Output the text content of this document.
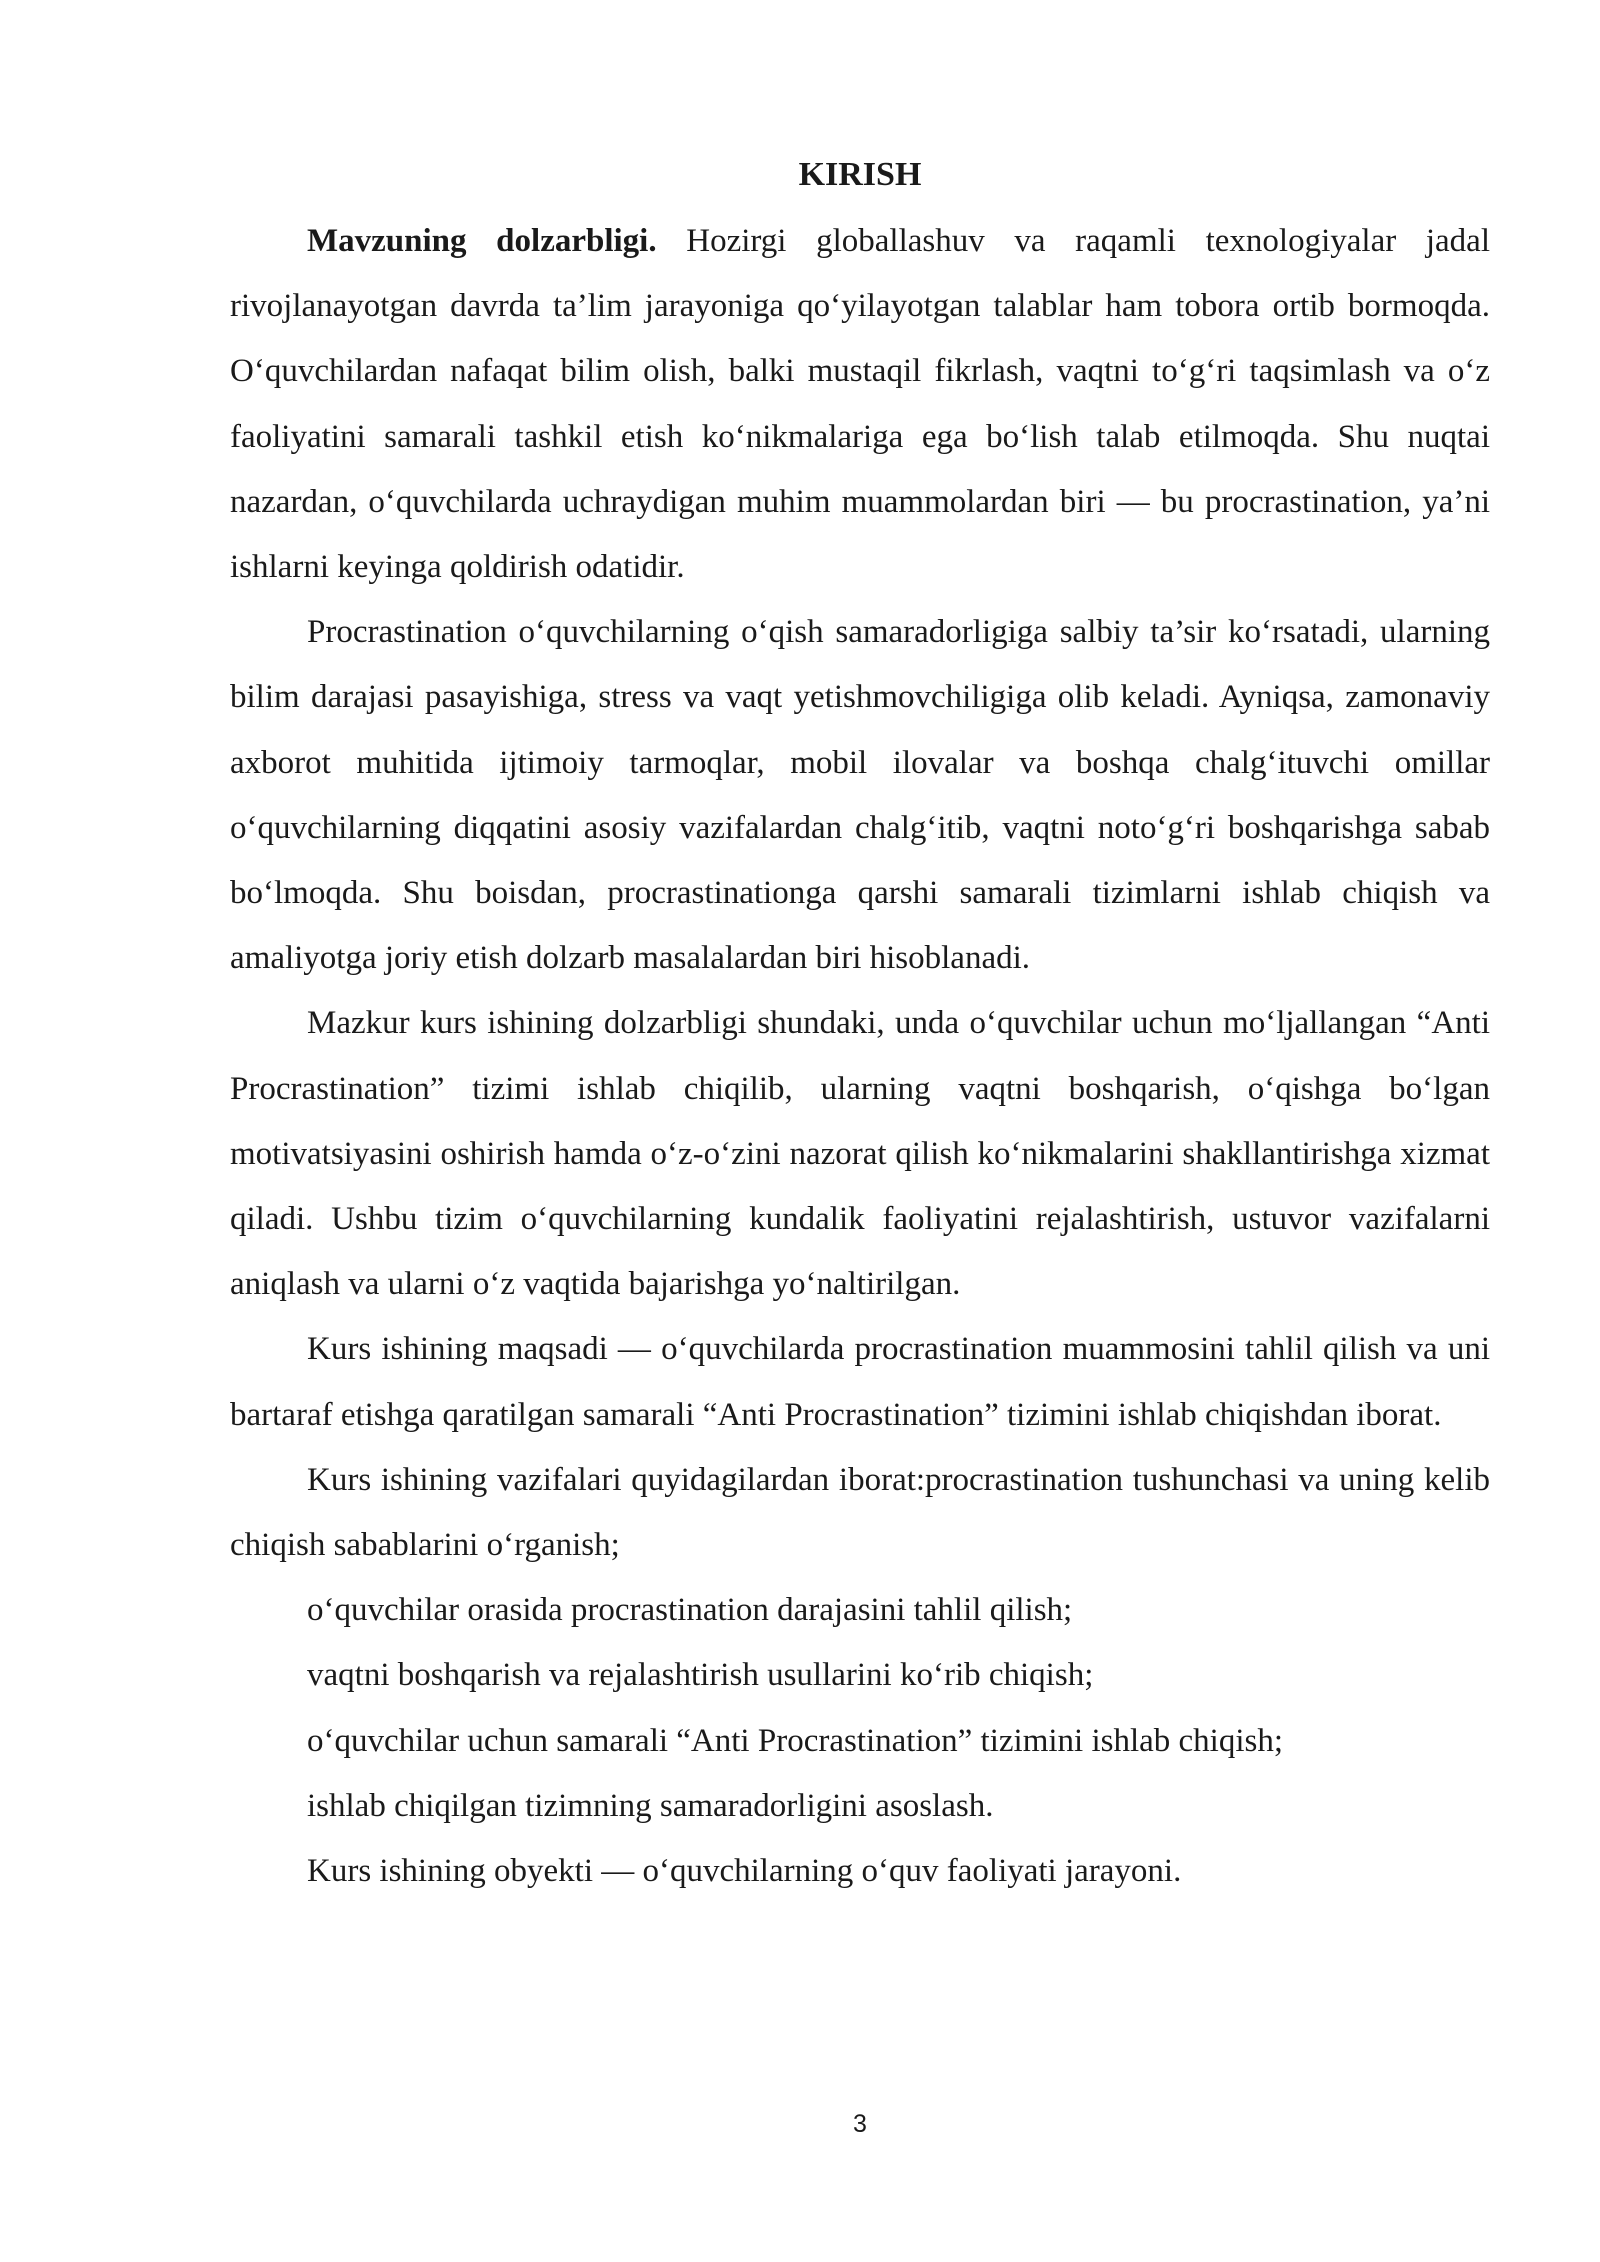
KIRISH

Mavzuning dolzarbligi. Hozirgi globallashuv va raqamli texnologiyalar jadal rivojlanayotgan davrda ta’lim jarayoniga qo‘yilayotgan talablar ham tobora ortib bormoqda. O‘quvchilardan nafaqat bilim olish, balki mustaqil fikrlash, vaqtni to‘g‘ri taqsimlash va o‘z faoliyatini samarali tashkil etish ko‘nikmalariga ega bo‘lish talab etilmoqda. Shu nuqtai nazardan, o‘quvchilarda uchraydigan muhim muammolardan biri — bu procrastination, ya’ni ishlarni keyinga qoldirish odatidir.

Procrastination o‘quvchilarning o‘qish samaradorligiga salbiy ta’sir ko‘rsatadi, ularning bilim darajasi pasayishiga, stress va vaqt yetishmovchiligiga olib keladi. Ayniqsa, zamonaviy axborot muhitida ijtimoiy tarmoqlar, mobil ilovalar va boshqa chalg‘ituvchi omillar o‘quvchilarning diqqatini asosiy vazifalardan chalg‘itib, vaqtni noto‘g‘ri boshqarishga sabab bo‘lmoqda. Shu boisdan, procrastinationga qarshi samarali tizimlarni ishlab chiqish va amaliyotga joriy etish dolzarb masalalardan biri hisoblanadi.

Mazkur kurs ishining dolzarbligi shundaki, unda o‘quvchilar uchun mo‘ljallangan “Anti Procrastination” tizimi ishlab chiqilib, ularning vaqtni boshqarish, o‘qishga bo‘lgan motivatsiyasini oshirish hamda o‘z-o‘zini nazorat qilish ko‘nikmalarini shakllantirishga xizmat qiladi. Ushbu tizim o‘quvchilarning kundalik faoliyatini rejalashtirish, ustuvor vazifalarni aniqlash va ularni o‘z vaqtida bajarishga yo‘naltirilgan.

Kurs ishining maqsadi — o‘quvchilarda procrastination muammosini tahlil qilish va uni bartaraf etishga qaratilgan samarali “Anti Procrastination” tizimini ishlab chiqishdan iborat.

Kurs ishining vazifalari quyidagilardan iborat:procrastination tushunchasi va uning kelib chiqish sabablarini o‘rganish;

o‘quvchilar orasida procrastination darajasini tahlil qilish;

vaqtni boshqarish va rejalashtirish usullarini ko‘rib chiqish;

o‘quvchilar uchun samarali “Anti Procrastination” tizimini ishlab chiqish;

ishlab chiqilgan tizimning samaradorligini asoslash.

Kurs ishining obyekti — o‘quvchilarning o‘quv faoliyati jarayoni.

3
